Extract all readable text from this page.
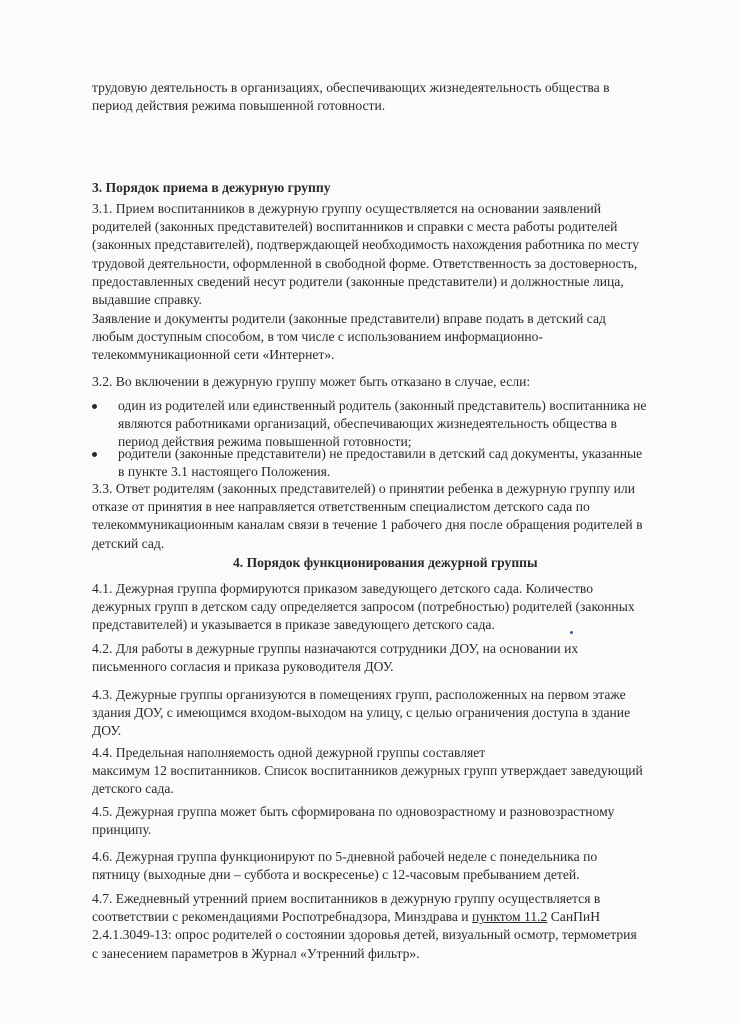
трудовую деятельность в организациях, обеспечивающих жизнедеятельность общества в
период действия режима повышенной готовности.
3. Порядок приема в дежурную группу
3.1. Прием воспитанников в дежурную группу осуществляется на основании заявлений
родителей (законных представителей) воспитанников и справки с места работы родителей
(законных представителей), подтверждающей необходимость нахождения работника по месту
трудовой деятельности, оформленной в свободной форме. Ответственность за достоверность,
предоставленных сведений несут родители (законные представители) и должностные лица,
выдавшие справку.
Заявление и документы родители (законные представители) вправе подать в детский сад
любым доступным способом, в том числе с использованием информационно-
телекоммуникационной сети «Интернет».
3.2. Во включении в дежурную группу может быть отказано в случае, если:
один из родителей или единственный родитель (законный представитель) воспитанника не
являются работниками организаций, обеспечивающих жизнедеятельность общества в
период действия режима повышенной готовности;
родители (законные представители) не предоставили в детский сад документы, указанные
в пункте 3.1 настоящего Положения.
3.3. Ответ родителям (законных представителей) о принятии ребенка в дежурную группу или
отказе от принятия в нее направляется ответственным специалистом детского сада по
телекоммуникационным каналам связи в течение 1 рабочего дня после обращения родителей в
детский сад.
4. Порядок функционирования дежурной группы
4.1. Дежурная группа формируются приказом заведующего детского сада. Количество
дежурных групп в детском саду определяется запросом (потребностью) родителей (законных
представителей) и указывается в приказе заведующего детского сада.
4.2. Для работы в дежурные группы назначаются сотрудники ДОУ, на основании их
письменного согласия и приказа руководителя ДОУ.
4.3. Дежурные группы организуются в помещениях групп, расположенных на первом этаже
здания ДОУ, с имеющимся входом-выходом на улицу, с целью ограничения доступа в здание
ДОУ.
4.4. Предельная наполняемость одной дежурной группы составляет
максимум 12 воспитанников. Список воспитанников дежурных групп утверждает заведующий
детского сада.
4.5. Дежурная группа может быть сформирована по одновозрастному и разновозрастному
принципу.
4.6. Дежурная группа функционируют по 5-дневной рабочей неделе с понедельника по
пятницу (выходные дни – суббота и воскресенье) с 12-часовым пребыванием детей.
4.7. Ежедневный утренний прием воспитанников в дежурную группу осуществляется в
соответствии с рекомендациями Роспотребнадзора, Минздрава и пунктом 11.2 СанПиН
2.4.1.3049-13: опрос родителей о состоянии здоровья детей, визуальный осмотр, термометрия
с занесением параметров в Журнал «Утренний фильтр».
